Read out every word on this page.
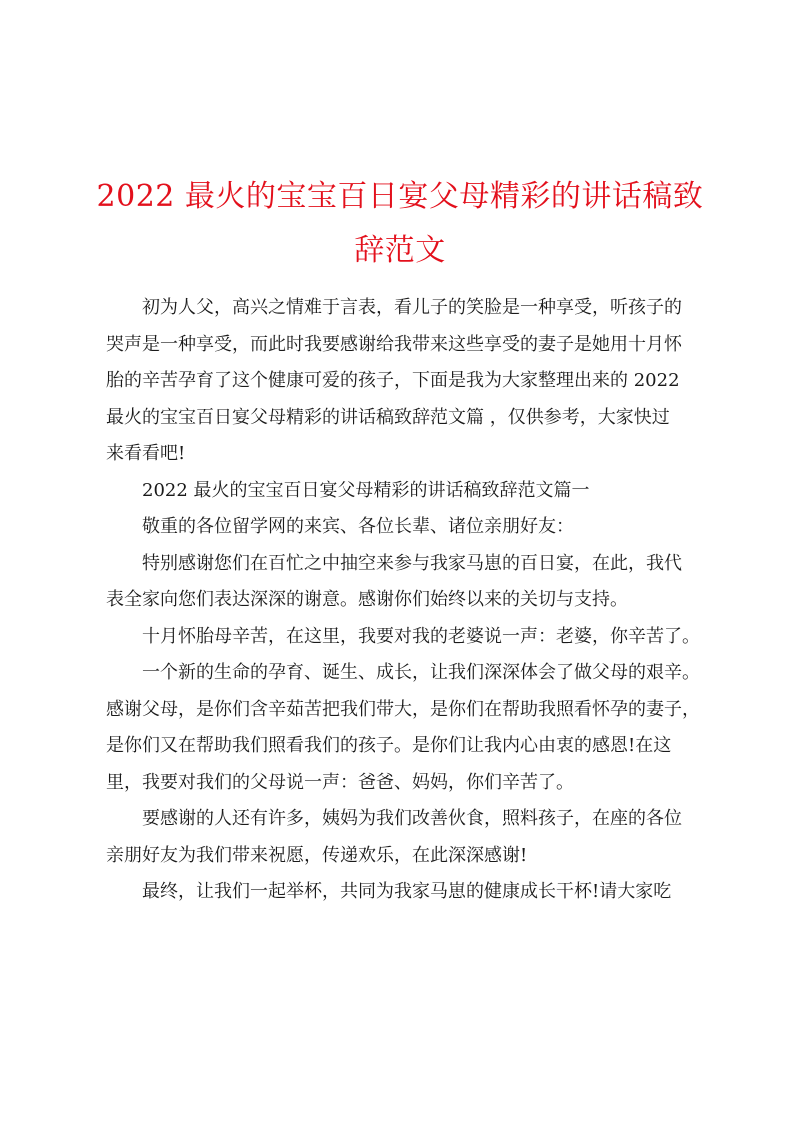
2022 最火的宝宝百日宴父母精彩的讲话稿致
辞范文
初为人父，高兴之情难于言表，看儿子的笑脸是一种享受，听孩子的
哭声是一种享受，而此时我要感谢给我带来这些享受的妻子是她用十月怀
胎的辛苦孕育了这个健康可爱的孩子，下面是我为大家整理出来的 2022
最火的宝宝百日宴父母精彩的讲话稿致辞范文篇 ，仅供参考，大家快过
来看看吧!
2022 最火的宝宝百日宴父母精彩的讲话稿致辞范文篇一
敬重的各位留学网的来宾、各位长辈、诸位亲朋好友：
特别感谢您们在百忙之中抽空来参与我家马崽的百日宴，在此，我代
表全家向您们表达深深的谢意。感谢你们始终以来的关切与支持。
十月怀胎母辛苦，在这里，我要对我的老婆说一声：老婆，你辛苦了。
一个新的生命的孕育、诞生、成长，让我们深深体会了做父母的艰辛。
感谢父母，是你们含辛茹苦把我们带大，是你们在帮助我照看怀孕的妻子，
是你们又在帮助我们照看我们的孩子。是你们让我内心由衷的感恩!在这
里，我要对我们的父母说一声：爸爸、妈妈，你们辛苦了。
要感谢的人还有许多，姨妈为我们改善伙食，照料孩子，在座的各位
亲朋好友为我们带来祝愿，传递欢乐，在此深深感谢!
最终，让我们一起举杯，共同为我家马崽的健康成长干杯!请大家吃
